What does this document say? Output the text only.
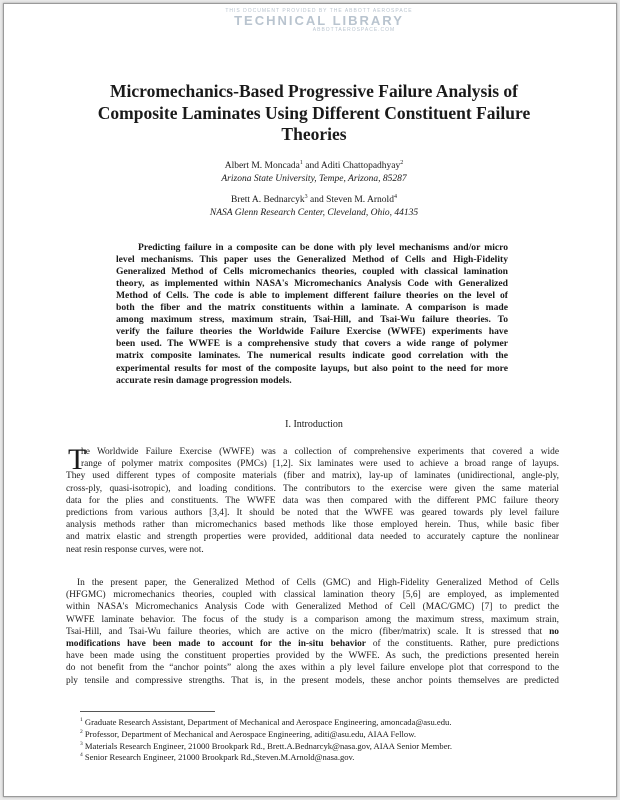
THIS DOCUMENT PROVIDED BY THE ABBOTT AEROSPACE
TECHNICAL LIBRARY
ABBOTTAEROSPACE.COM
Micromechanics-Based Progressive Failure Analysis of
Composite Laminates Using Different Constituent Failure
Theories
Albert M. Moncada$^1$ and Aditi Chattopadhyay$^2$
Arizona State University, Tempe, Arizona, 85287
Brett A. Bednarcyk$^3$ and Steven M. Arnold$^4$
NASA Glenn Research Center, Cleveland, Ohio, 44135
Predicting failure in a composite can be done with ply level mechanisms and/or micro
level mechanisms. This paper uses the Generalized Method of Cells and High-Fidelity
Generalized Method of Cells micromechanics theories, coupled with classical lamination
theory, as implemented within NASA's Micromechanics Analysis Code with Generalized
Method of Cells. The code is able to implement different failure theories on the level of
both the fiber and the matrix constituents within a laminate. A comparison is made
among maximum stress, maximum strain, Tsai-Hill, and Tsai-Wu failure theories. To
verify the failure theories the Worldwide Failure Exercise (WWFE) experiments have
been used. The WWFE is a comprehensive study that covers a wide range of polymer
matrix composite laminates. The numerical results indicate good correlation with the
experimental results for most of the composite layups, but also point to the need for more
accurate resin damage progression models.
I. Introduction
T
he Worldwide Failure Exercise (WWFE) was a collection of comprehensive experiments that covered a wide
range of polymer matrix composites (PMCs) [1,2]. Six laminates were used to achieve a broad range of layups.
They used different types of composite materials (fiber and matrix), lay-up of laminates (unidirectional, angle-ply,
cross-ply, quasi-isotropic), and loading conditions. The contributors to the exercise were given the same material
data for the plies and constituents. The WWFE data was then compared with the different PMC failure theory
predictions from various authors [3,4]. It should be noted that the WWFE was geared towards ply level failure
analysis methods rather than micromechanics based methods like those employed herein. Thus, while basic fiber
and matrix elastic and strength properties were provided, additional data needed to accurately capture the nonlinear
neat resin response curves, were not.
In the present paper, the Generalized Method of Cells (GMC) and High-Fidelity Generalized Method of Cells
(HFGMC) micromechanics theories, coupled with classical lamination theory [5,6] are employed, as implemented
within NASA's Micromechanics Analysis Code with Generalized Method of Cell (MAC/GMC) [7] to predict the
WWFE laminate behavior. The focus of the study is a comparison among the maximum stress, maximum strain,
Tsai-Hill, and Tsai-Wu failure theories, which are active on the micro (fiber/matrix) scale. It is stressed that no
modifications have been made to account for the in-situ behavior of the constituents. Rather, pure predictions
have been made using the constituent properties provided by the WWFE. As such, the predictions presented herein
do not benefit from the “anchor points” along the axes within a ply level failure envelope plot that correspond to the
ply tensile and compressive strengths. That is, in the present models, these anchor points themselves are predicted
$^1$ Graduate Research Assistant, Department of Mechanical and Aerospace Engineering, amoncada@asu.edu.
$^2$ Professor, Department of Mechanical and Aerospace Engineering, aditi@asu.edu, AIAA Fellow.
$^3$ Materials Research Engineer, 21000 Brookpark Rd., Brett.A.Bednarcyk@nasa.gov, AIAA Senior Member.
$^4$ Senior Research Engineer, 21000 Brookpark Rd.,Steven.M.Arnold@nasa.gov.
